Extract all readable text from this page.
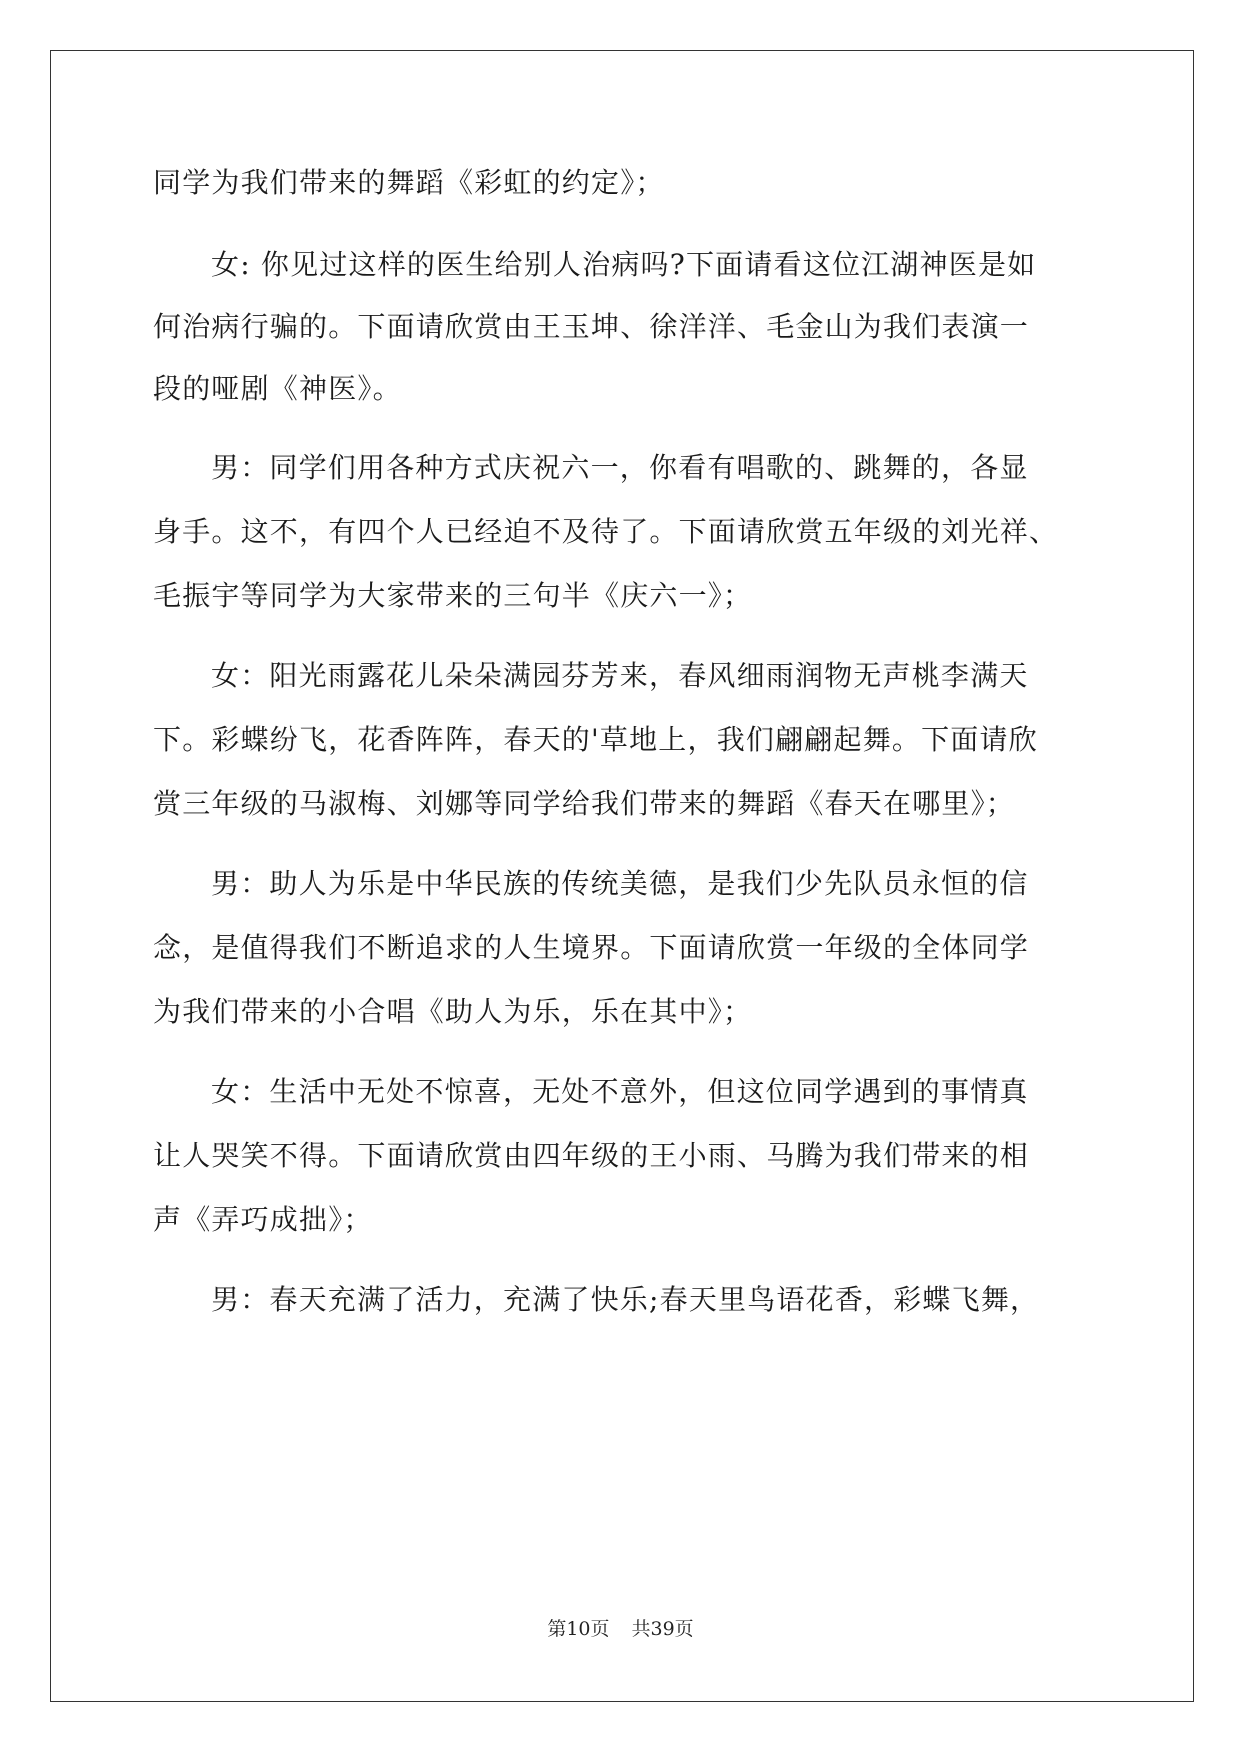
同学为我们带来的舞蹈《彩虹的约定》；
女: 你见过这样的医生给别人治病吗?下面请看这位江湖神医是如
何治病行骗的。下面请欣赏由王玉坤、徐洋洋、毛金山为我们表演一
段的哑剧《神医》。
男：同学们用各种方式庆祝六一，你看有唱歌的、跳舞的，各显
身手。这不，有四个人已经迫不及待了。下面请欣赏五年级的刘光祥、
毛振宇等同学为大家带来的三句半《庆六一》；
女：阳光雨露花儿朵朵满园芬芳来，春风细雨润物无声桃李满天
下。彩蝶纷飞，花香阵阵，春天的'草地上，我们翩翩起舞。下面请欣
赏三年级的马淑梅、刘娜等同学给我们带来的舞蹈《春天在哪里》；
男：助人为乐是中华民族的传统美德，是我们少先队员永恒的信
念，是值得我们不断追求的人生境界。下面请欣赏一年级的全体同学
为我们带来的小合唱《助人为乐，乐在其中》；
女：生活中无处不惊喜，无处不意外，但这位同学遇到的事情真
让人哭笑不得。下面请欣赏由四年级的王小雨、马腾为我们带来的相
声《弄巧成拙》；
男：春天充满了活力，充满了快乐;春天里鸟语花香，彩蝶飞舞，
第10页 共39页
